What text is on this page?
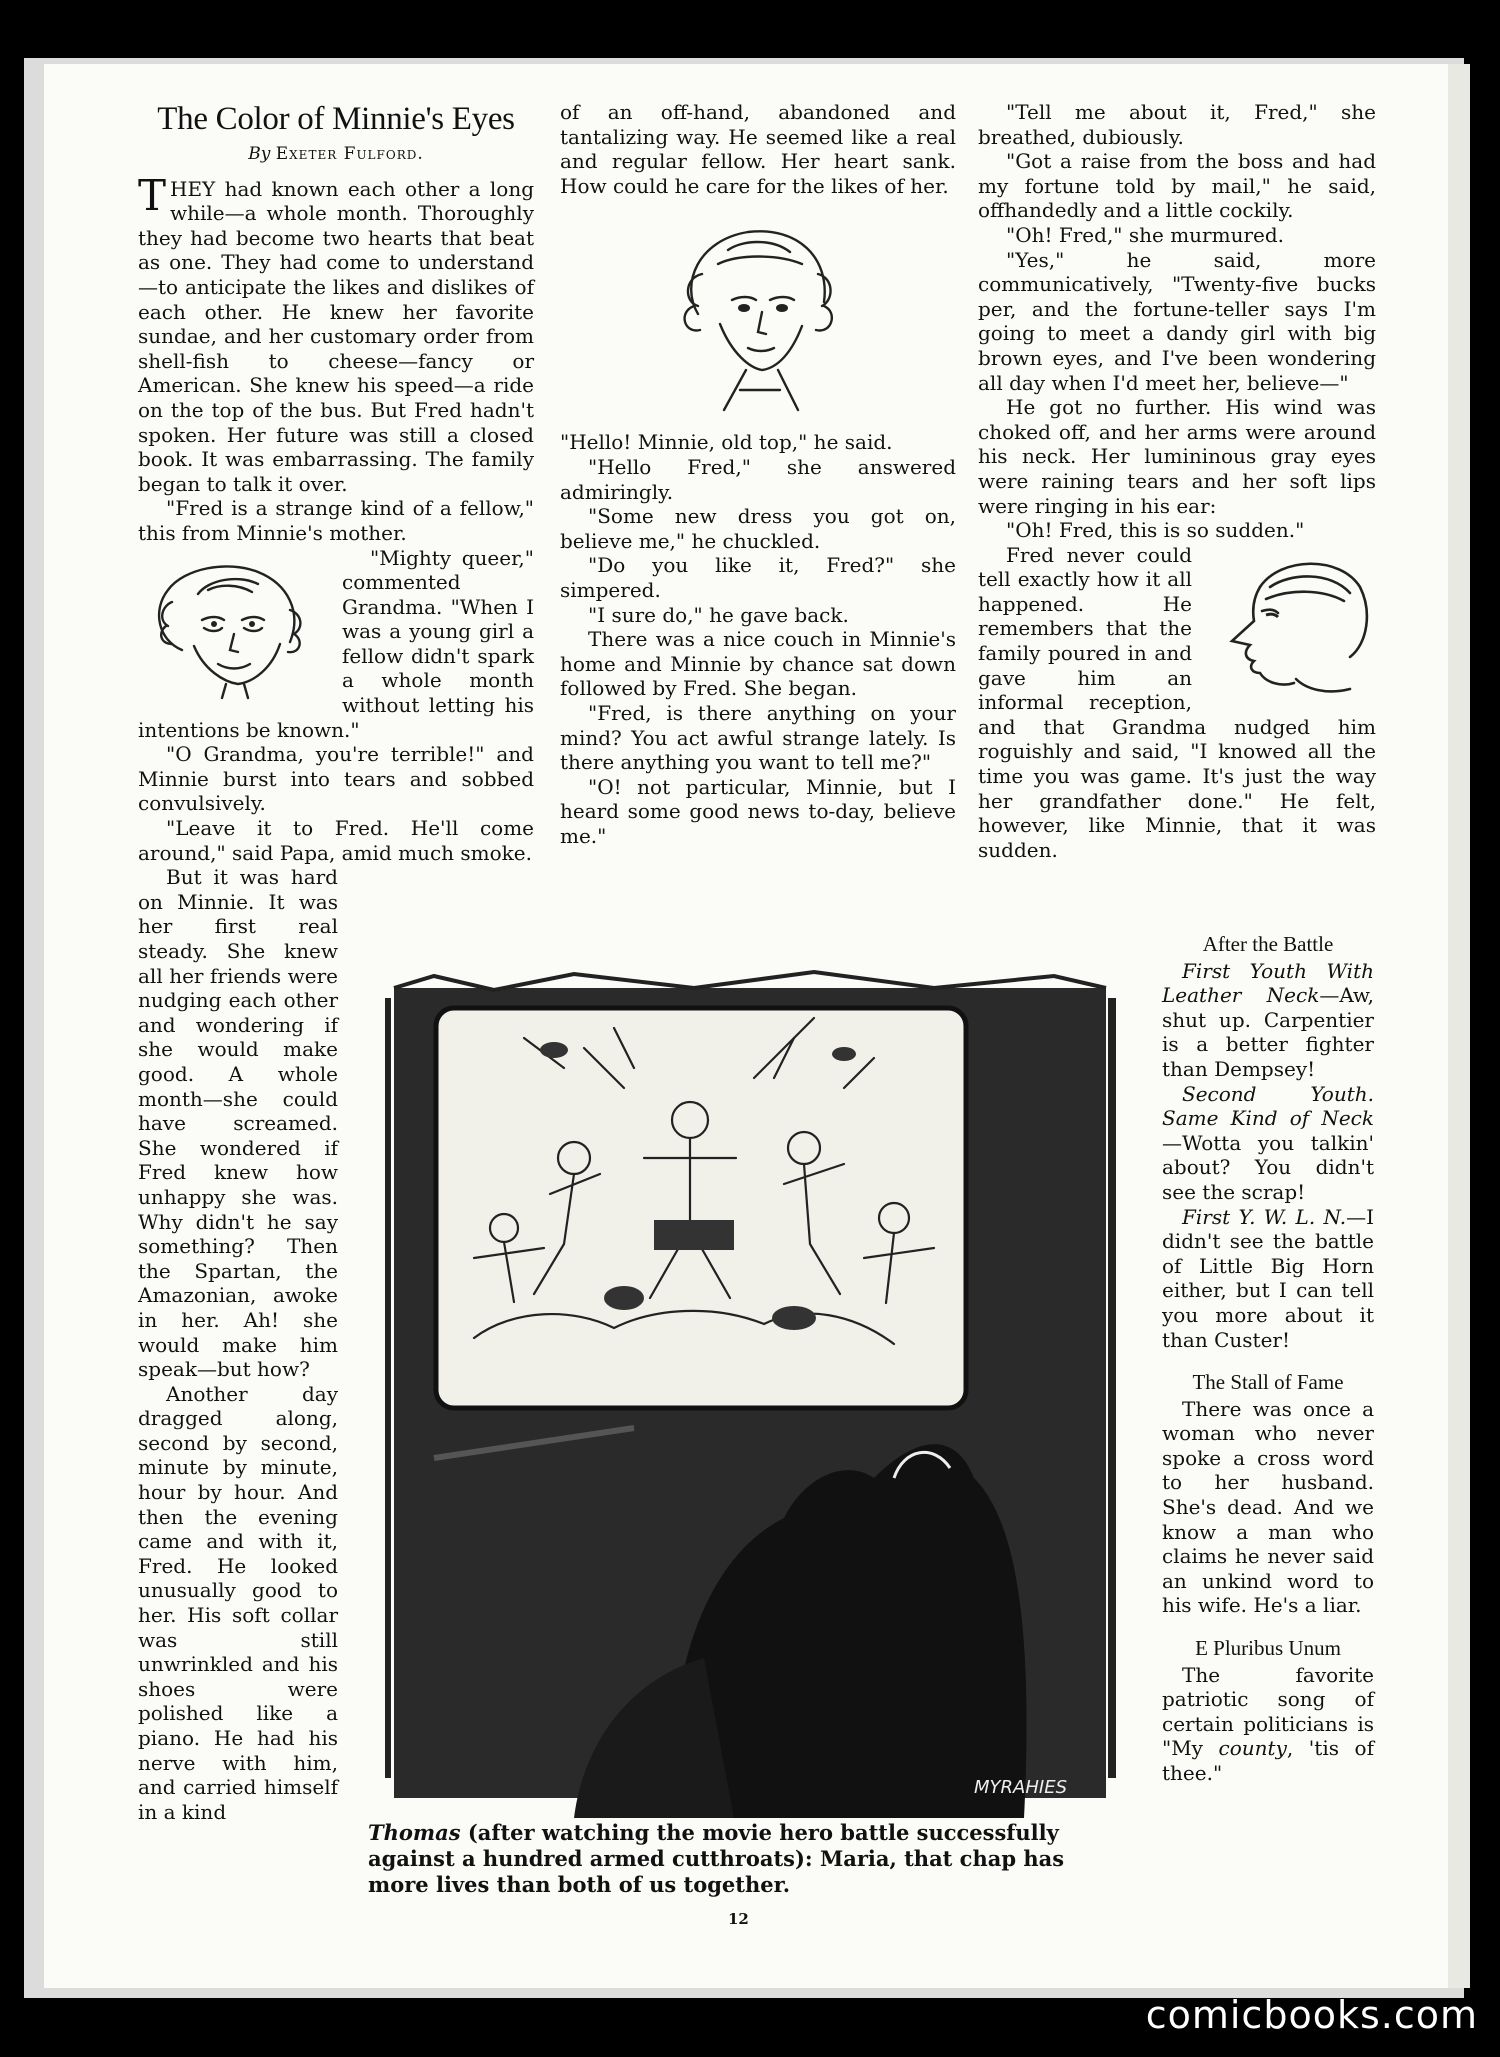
The Color of Minnie's Eyes
By Exeter Fulford.

THEY had known each other a long while—a whole month. Thoroughly they had become two hearts that beat as one. They had come to understand—to anticipate the likes and dislikes of each other. He knew her favorite sundae, and her customary order from shell-fish to cheese—fancy or American. She knew his speed—a ride on the top of the bus. But Fred hadn't spoken. Her future was still a closed book. It was embarrassing. The family began to talk it over.

"Fred is a strange kind of a fellow," this from Minnie's mother.

"Mighty queer," commented Grandma. "When I was a young girl a fellow didn't spark a whole month without letting his intentions be known."

"O Grandma, you're terrible!" and Minnie burst into tears and sobbed convulsively.

"Leave it to Fred. He'll come around," said Papa, amid much smoke.

But it was hard on Minnie. It was her first real steady. She knew all her friends were nudging each other and wondering if she would make good. A whole month—she could have screamed. She wondered if Fred knew how unhappy she was. Why didn't he say something? Then the Spartan, the Amazonian, awoke in her. Ah! she would make him speak—but how?

Another day dragged along, second by second, minute by minute, hour by hour. And then the evening came and with it, Fred. He looked unusually good to her. His soft collar was still unwrinkled and his shoes were polished like a piano. He had his nerve with him, and carried himself in a kind

of an off-hand, abandoned and tantalizing way. He seemed like a real and regular fellow. Her heart sank. How could he care for the likes of her.

"Hello! Minnie, old top," he said.

"Hello Fred," she answered admiringly.

"Some new dress you got on, believe me," he chuckled.

"Do you like it, Fred?" she simpered.

"I sure do," he gave back.

There was a nice couch in Minnie's home and Minnie by chance sat down followed by Fred. She began.

"Fred, is there anything on your mind? You act awful strange lately. Is there anything you want to tell me?"

"O! not particular, Minnie, but I heard some good news to-day, believe me."

"Tell me about it, Fred," she breathed, dubiously.

"Got a raise from the boss and had my fortune told by mail," he said, offhandedly and a little cockily.

"Oh! Fred," she murmured.

"Yes," he said, more communicatively, "Twenty-five bucks per, and the fortune-teller says I'm going to meet a dandy girl with big brown eyes, and I've been wondering all day when I'd meet her, believe—"

He got no further. His wind was choked off, and her arms were around his neck. Her lumininous gray eyes were raining tears and her soft lips were ringing in his ear:

"Oh! Fred, this is so sudden."

Fred never could tell exactly how it all happened. He remembers that the family poured in and gave him an informal reception, and that Grandma nudged him roguishly and said, "I knowed all the time you was game. It's just the way her grandfather done." He felt, however, like Minnie, that it was sudden.

MYRAHIES
Thomas (after watching the movie hero battle successfully against a hundred armed cutthroats): Maria, that chap has more lives than both of us together.
After the Battle

First Youth With Leather Neck—Aw, shut up. Carpentier is a better fighter than Dempsey!

Second Youth. Same Kind of Neck—Wotta you talkin' about? You didn't see the scrap!

First Y. W. L. N.—I didn't see the battle of Little Big Horn either, but I can tell you more about it than Custer!

The Stall of Fame

There was once a woman who never spoke a cross word to her husband. She's dead. And we know a man who claims he never said an unkind word to his wife. He's a liar.

E Pluribus Unum

The favorite patriotic song of certain politicians is "My county, 'tis of thee."

12
comicbooks.com
